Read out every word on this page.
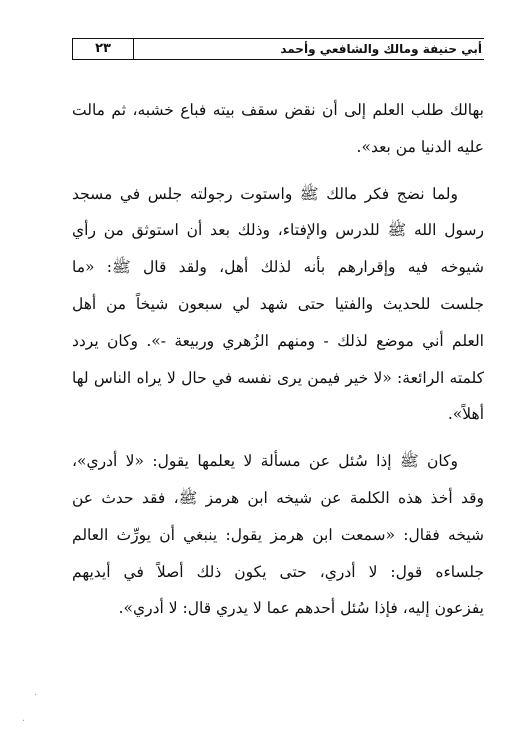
٢٣	أبي حنيفة ومالك والشافعي وأحمد
بهالك طلب العلم إلى أن نقض سقف بيته فباع خشبه، ثم مالت
عليه الدنيا من بعد».
ولما نضج فكر مالك ﷺ واستوت رجولته جلس في مسجد
رسول الله ﷺ للدرس والإفتاء، وذلك بعد أن استوثق من رأي
شيوخه فيه وإقرارهم بأنه لذلك أهل، ولقد قال ﷺ: «ما
جلست للحديث والفتيا حتى شهد لي سبعون شيخاً من أهل
العلم أني موضع لذلك - ومنهم الزُهري وربيعة -». وكان يردد
كلمته الرائعة: «لا خير فيمن يرى نفسه في حال لا يراه الناس لها
أهلاً».
وكان ﷺ إذا سُئل عن مسألة لا يعلمها يقول: «لا أدري»،
وقد أخذ هذه الكلمة عن شيخه ابن هرمز ﷺ، فقد حدث عن
شيخه فقال: «سمعت ابن هرمز يقول: ينبغي أن يورِّث العالم
جلساءه قول: لا أدري، حتى يكون ذلك أصلاً في أيديهم
يفزعون إليه، فإذا سُئل أحدهم عما لا يدري قال: لا أدري».
·
·
